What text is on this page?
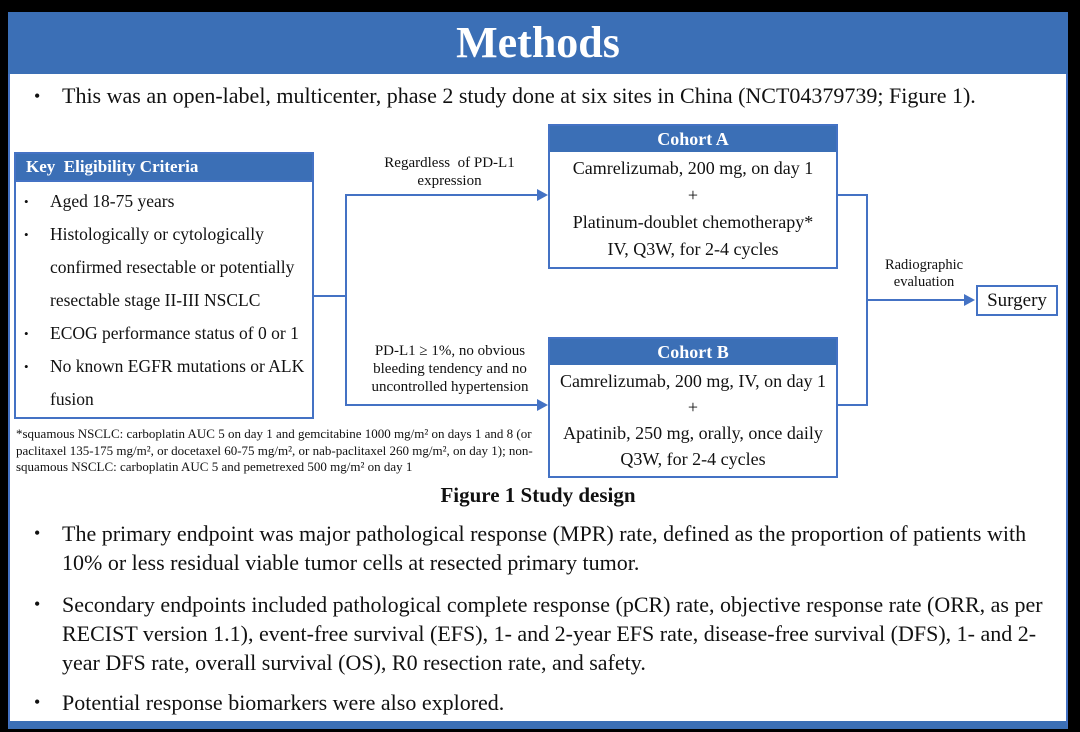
Methods
• This was an open-label, multicenter, phase 2 study done at six sites in China (NCT04379739; Figure 1).
Key  Eligibility Criteria
•	Aged 18-75 years
•	Histologically or cytologically confirmed resectable or potentially resectable stage II-III NSCLC
•	ECOG performance status of 0 or 1
•	No known EGFR mutations or ALK fusion
Regardless  of PD-L1 expression
PD-L1 ≥ 1%, no obvious bleeding tendency and no uncontrolled hypertension
Radiographic evaluation
Cohort A
Camrelizumab, 200 mg, on day 1
+
Platinum-doublet chemotherapy*
IV, Q3W, for 2-4 cycles
Cohort B
Camrelizumab, 200 mg, IV, on day 1
+
Apatinib, 250 mg, orally, once daily
Q3W, for 2-4 cycles
Surgery
*squamous NSCLC: carboplatin AUC 5 on day 1 and gemcitabine 1000 mg/m² on days 1 and 8 (or paclitaxel 135-175 mg/m², or docetaxel 60-75 mg/m², or nab-paclitaxel 260 mg/m², on day 1); non-squamous NSCLC: carboplatin AUC 5 and pemetrexed 500 mg/m² on day 1
Figure 1 Study design
• The primary endpoint was major pathological response (MPR) rate, defined as the proportion of patients with 10% or less residual viable tumor cells at resected primary tumor.
• Secondary endpoints included pathological complete response (pCR) rate, objective response rate (ORR, as per RECIST version 1.1), event-free survival (EFS), 1- and 2-year EFS rate, disease-free survival (DFS), 1- and 2-year DFS rate, overall survival (OS), R0 resection rate, and safety.
• Potential response biomarkers were also explored.
